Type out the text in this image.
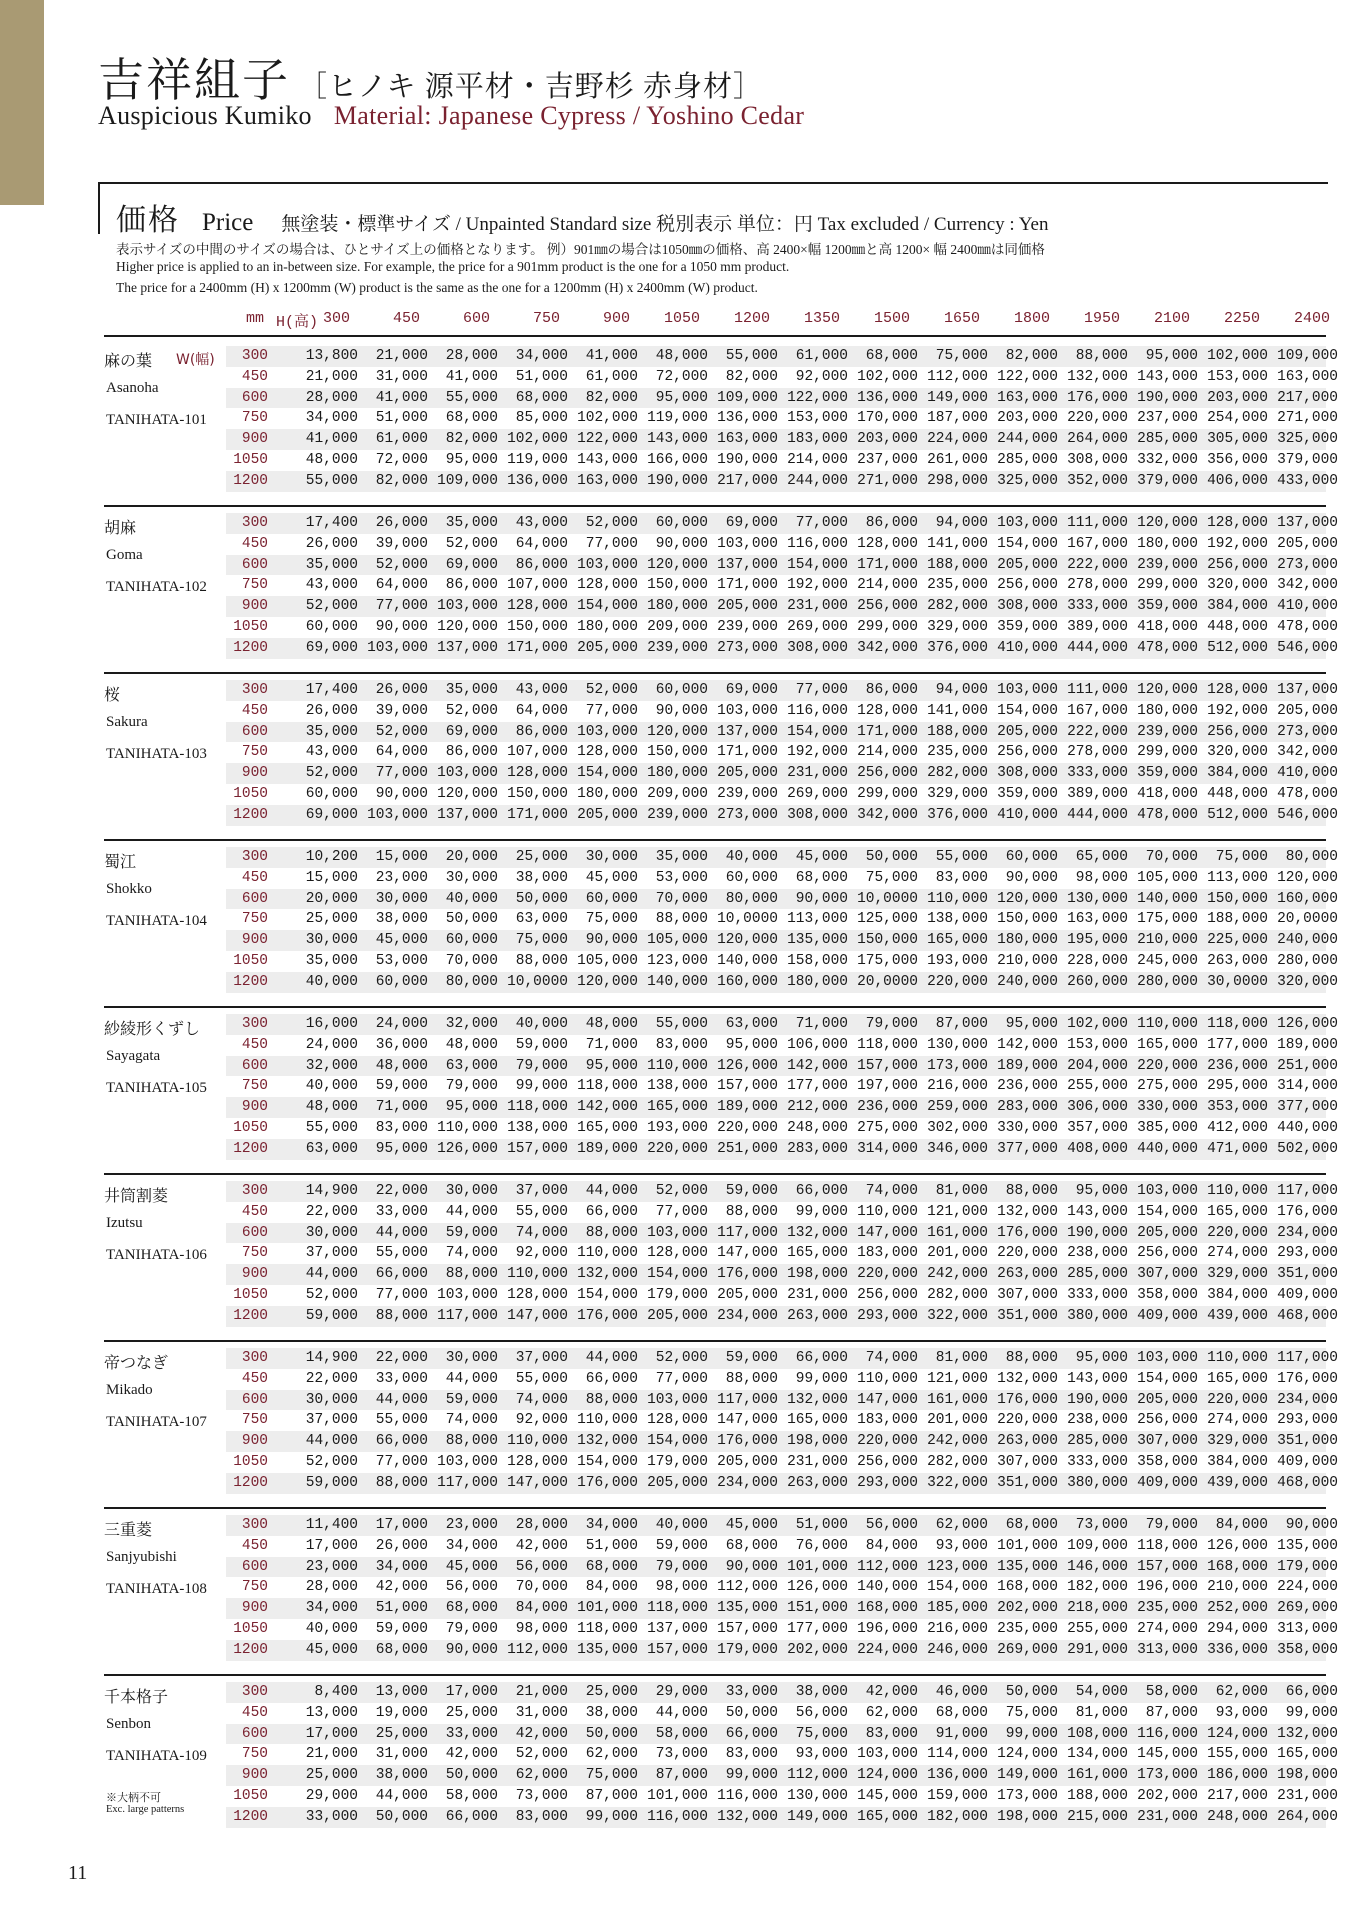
吉祥組子 ［ヒノキ 源平材・吉野杉 赤身材］
Auspicious Kumiko Material: Japanese Cypress / Yoshino Cedar
価格 Price 無塗装・標準サイズ / Unpainted Standard size 税別表示 単位：円 Tax excluded / Currency : Yen
表示サイズの中間のサイズの場合は、ひとサイズ上の価格となります。 例）901㎜の場合は1050㎜の価格、高 2400×幅 1200㎜と高 1200× 幅 2400㎜は同価格
Higher price is applied to an in-between size. For example, the price for a 901mm product is the one for a 1050 mm product.
The price for a 2400mm (H) x 1200mm (W) product is the same as the one for a 1200mm (H) x 2400mm (W) product.
mm H(高) 300	450	600	750	900	1050	1200	1350	1500	1650	1800	1950	2100	2250	2400
麻の葉
Asanoha
TANIHATA-101
W(幅)	300	13,800	21,000	28,000	34,000	41,000	48,000	55,000	61,000	68,000	75,000	82,000	88,000	95,000 102,000 109,000
450	21,000	31,000	41,000	51,000	61,000	72,000	82,000	92,000 102,000 112,000 122,000 132,000 143,000 153,000 163,000
600	28,000	41,000	55,000	68,000	82,000	95,000 109,000 122,000 136,000 149,000 163,000 176,000 190,000 203,000 217,000
750	34,000	51,000	68,000	85,000 102,000 119,000 136,000 153,000 170,000 187,000 203,000 220,000 237,000 254,000 271,000
900	41,000	61,000	82,000 102,000 122,000 143,000 163,000 183,000 203,000 224,000 244,000 264,000 285,000 305,000 325,000
1050	48,000	72,000	95,000 119,000 143,000 166,000 190,000 214,000 237,000 261,000 285,000 308,000 332,000 356,000 379,000
1200	55,000	82,000 109,000 136,000 163,000 190,000 217,000 244,000 271,000 298,000 325,000 352,000 379,000 406,000 433,000
胡麻
Goma
TANIHATA-102
300	17,400	26,000	35,000	43,000	52,000	60,000	69,000	77,000	86,000	94,000 103,000 111,000 120,000 128,000 137,000
450	26,000	39,000	52,000	64,000	77,000	90,000 103,000 116,000 128,000 141,000 154,000 167,000 180,000 192,000 205,000
600	35,000	52,000	69,000	86,000 103,000 120,000 137,000 154,000 171,000 188,000 205,000 222,000 239,000 256,000 273,000
750	43,000	64,000	86,000 107,000 128,000 150,000 171,000 192,000 214,000 235,000 256,000 278,000 299,000 320,000 342,000
900	52,000	77,000 103,000 128,000 154,000 180,000 205,000 231,000 256,000 282,000 308,000 333,000 359,000 384,000 410,000
1050	60,000	90,000 120,000 150,000 180,000 209,000 239,000 269,000 299,000 329,000 359,000 389,000 418,000 448,000 478,000
1200	69,000 103,000 137,000 171,000 205,000 239,000 273,000 308,000 342,000 376,000 410,000 444,000 478,000 512,000 546,000
桜
Sakura
TANIHATA-103
300	17,400	26,000	35,000	43,000	52,000	60,000	69,000	77,000	86,000	94,000 103,000 111,000 120,000 128,000 137,000
450	26,000	39,000	52,000	64,000	77,000	90,000 103,000 116,000 128,000 141,000 154,000 167,000 180,000 192,000 205,000
600	35,000	52,000	69,000	86,000 103,000 120,000 137,000 154,000 171,000 188,000 205,000 222,000 239,000 256,000 273,000
750	43,000	64,000	86,000 107,000 128,000 150,000 171,000 192,000 214,000 235,000 256,000 278,000 299,000 320,000 342,000
900	52,000	77,000 103,000 128,000 154,000 180,000 205,000 231,000 256,000 282,000 308,000 333,000 359,000 384,000 410,000
1050	60,000	90,000 120,000 150,000 180,000 209,000 239,000 269,000 299,000 329,000 359,000 389,000 418,000 448,000 478,000
1200	69,000 103,000 137,000 171,000 205,000 239,000 273,000 308,000 342,000 376,000 410,000 444,000 478,000 512,000 546,000
蜀江
Shokko
TANIHATA-104
300	10,200	15,000	20,000	25,000	30,000	35,000	40,000	45,000	50,000	55,000	60,000	65,000	70,000	75,000	80,000
450	15,000	23,000	30,000	38,000	45,000	53,000	60,000	68,000	75,000	83,000	90,000	98,000 105,000 113,000 120,000
600	20,000	30,000	40,000	50,000	60,000	70,000	80,000	90,000 10,0000 110,000 120,000 130,000 140,000 150,000 160,000
750	25,000	38,000	50,000	63,000	75,000	88,000 10,0000 113,000 125,000 138,000 150,000 163,000 175,000 188,000 20,0000
900	30,000	45,000	60,000	75,000	90,000 105,000 120,000 135,000 150,000 165,000 180,000 195,000 210,000 225,000 240,000
1050	35,000	53,000	70,000	88,000 105,000 123,000 140,000 158,000 175,000 193,000 210,000 228,000 245,000 263,000 280,000
1200	40,000	60,000	80,000 10,0000 120,000 140,000 160,000 180,000 20,0000 220,000 240,000 260,000 280,000 30,0000 320,000
紗綾形くずし
Sayagata
TANIHATA-105
300	16,000	24,000	32,000	40,000	48,000	55,000	63,000	71,000	79,000	87,000	95,000 102,000 110,000 118,000 126,000
450	24,000	36,000	48,000	59,000	71,000	83,000	95,000 106,000 118,000 130,000 142,000 153,000 165,000 177,000 189,000
600	32,000	48,000	63,000	79,000	95,000 110,000 126,000 142,000 157,000 173,000 189,000 204,000 220,000 236,000 251,000
750	40,000	59,000	79,000	99,000 118,000 138,000 157,000 177,000 197,000 216,000 236,000 255,000 275,000 295,000 314,000
900	48,000	71,000	95,000 118,000 142,000 165,000 189,000 212,000 236,000 259,000 283,000 306,000 330,000 353,000 377,000
1050	55,000	83,000 110,000 138,000 165,000 193,000 220,000 248,000 275,000 302,000 330,000 357,000 385,000 412,000 440,000
1200	63,000	95,000 126,000 157,000 189,000 220,000 251,000 283,000 314,000 346,000 377,000 408,000 440,000 471,000 502,000
井筒割菱
Izutsu
TANIHATA-106
300	14,900	22,000	30,000	37,000	44,000	52,000	59,000	66,000	74,000	81,000	88,000	95,000 103,000 110,000 117,000
450	22,000	33,000	44,000	55,000	66,000	77,000	88,000	99,000 110,000 121,000 132,000 143,000 154,000 165,000 176,000
600	30,000	44,000	59,000	74,000	88,000 103,000 117,000 132,000 147,000 161,000 176,000 190,000 205,000 220,000 234,000
750	37,000	55,000	74,000	92,000 110,000 128,000 147,000 165,000 183,000 201,000 220,000 238,000 256,000 274,000 293,000
900	44,000	66,000	88,000 110,000 132,000 154,000 176,000 198,000 220,000 242,000 263,000 285,000 307,000 329,000 351,000
1050	52,000	77,000 103,000 128,000 154,000 179,000 205,000 231,000 256,000 282,000 307,000 333,000 358,000 384,000 409,000
1200	59,000	88,000 117,000 147,000 176,000 205,000 234,000 263,000 293,000 322,000 351,000 380,000 409,000 439,000 468,000
帝つなぎ
Mikado
TANIHATA-107
300	14,900	22,000	30,000	37,000	44,000	52,000	59,000	66,000	74,000	81,000	88,000	95,000 103,000 110,000 117,000
450	22,000	33,000	44,000	55,000	66,000	77,000	88,000	99,000 110,000 121,000 132,000 143,000 154,000 165,000 176,000
600	30,000	44,000	59,000	74,000	88,000 103,000 117,000 132,000 147,000 161,000 176,000 190,000 205,000 220,000 234,000
750	37,000	55,000	74,000	92,000 110,000 128,000 147,000 165,000 183,000 201,000 220,000 238,000 256,000 274,000 293,000
900	44,000	66,000	88,000 110,000 132,000 154,000 176,000 198,000 220,000 242,000 263,000 285,000 307,000 329,000 351,000
1050	52,000	77,000 103,000 128,000 154,000 179,000 205,000 231,000 256,000 282,000 307,000 333,000 358,000 384,000 409,000
1200	59,000	88,000 117,000 147,000 176,000 205,000 234,000 263,000 293,000 322,000 351,000 380,000 409,000 439,000 468,000
三重菱
Sanjyubishi
TANIHATA-108
300	11,400	17,000	23,000	28,000	34,000	40,000	45,000	51,000	56,000	62,000	68,000	73,000	79,000	84,000	90,000
450	17,000	26,000	34,000	42,000	51,000	59,000	68,000	76,000	84,000	93,000 101,000 109,000 118,000 126,000 135,000
600	23,000	34,000	45,000	56,000	68,000	79,000	90,000 101,000 112,000 123,000 135,000 146,000 157,000 168,000 179,000
750	28,000	42,000	56,000	70,000	84,000	98,000 112,000 126,000 140,000 154,000 168,000 182,000 196,000 210,000 224,000
900	34,000	51,000	68,000	84,000 101,000 118,000 135,000 151,000 168,000 185,000 202,000 218,000 235,000 252,000 269,000
1050	40,000	59,000	79,000	98,000 118,000 137,000 157,000 177,000 196,000 216,000 235,000 255,000 274,000 294,000 313,000
1200	45,000	68,000	90,000 112,000 135,000 157,000 179,000 202,000 224,000 246,000 269,000 291,000 313,000 336,000 358,000
千本格子
Senbon
TANIHATA-109
※大柄不可
Exc. large patterns
300	8,400	13,000	17,000	21,000	25,000	29,000	33,000	38,000	42,000	46,000	50,000	54,000	58,000	62,000	66,000
450	13,000	19,000	25,000	31,000	38,000	44,000	50,000	56,000	62,000	68,000	75,000	81,000	87,000	93,000	99,000
600	17,000	25,000	33,000	42,000	50,000	58,000	66,000	75,000	83,000	91,000	99,000 108,000 116,000 124,000 132,000
750	21,000	31,000	42,000	52,000	62,000	73,000	83,000	93,000 103,000 114,000 124,000 134,000 145,000 155,000 165,000
900	25,000	38,000	50,000	62,000	75,000	87,000	99,000 112,000 124,000 136,000 149,000 161,000 173,000 186,000 198,000
1050	29,000	44,000	58,000	73,000	87,000 101,000 116,000 130,000 145,000 159,000 173,000 188,000 202,000 217,000 231,000
1200	33,000	50,000	66,000	83,000	99,000 116,000 132,000 149,000 165,000 182,000 198,000 215,000 231,000 248,000 264,000
11
